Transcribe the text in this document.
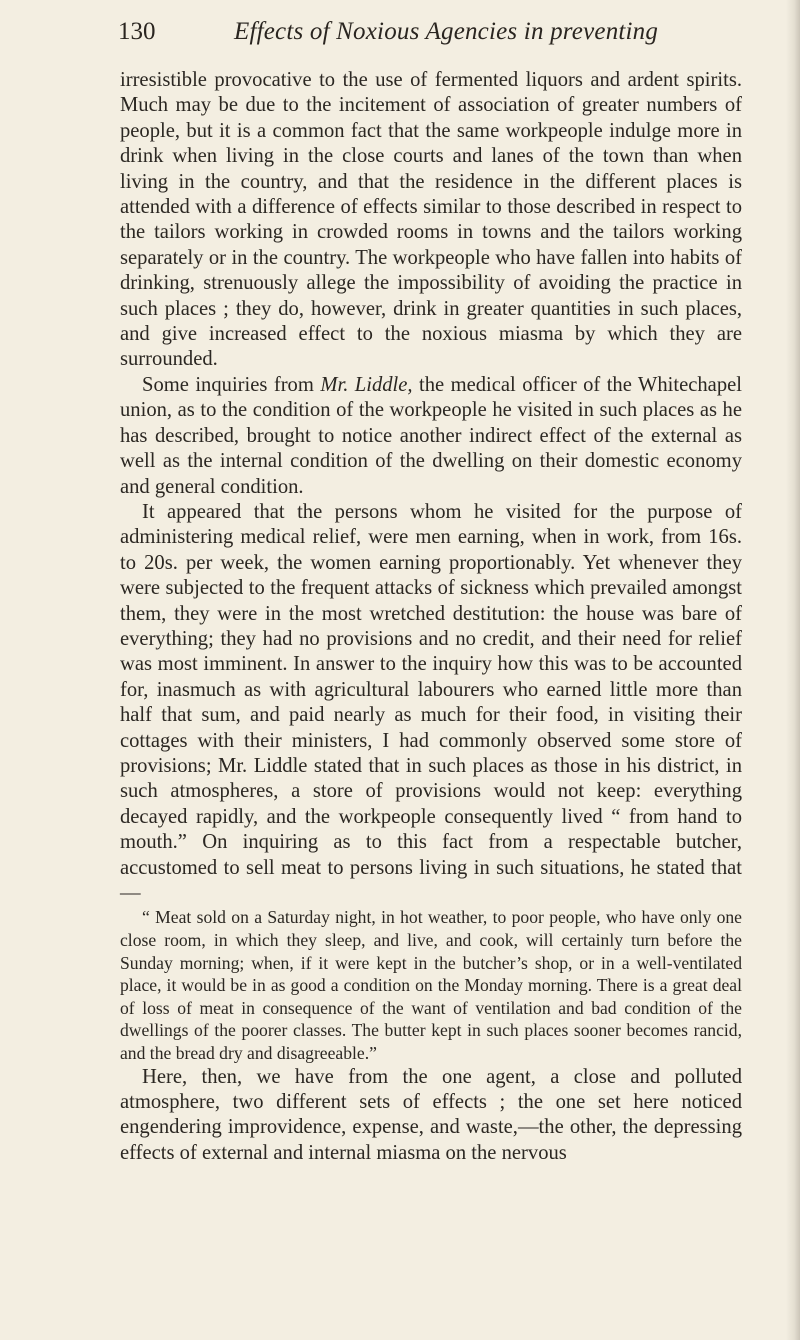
130	Effects of Noxious Agencies in preventing

irresistible provocative to the use of fermented liquors and ardent spirits. Much may be due to the incitement of association of greater numbers of people, but it is a common fact that the same workpeople indulge more in drink when living in the close courts and lanes of the town than when living in the country, and that the residence in the different places is attended with a difference of effects similar to those described in respect to the tailors working in crowded rooms in towns and the tailors working separately or in the country. The workpeople who have fallen into habits of drinking, strenuously allege the impossibility of avoiding the practice in such places ; they do, however, drink in greater quantities in such places, and give increased effect to the noxious miasma by which they are surrounded.

Some inquiries from Mr. Liddle, the medical officer of the Whitechapel union, as to the condition of the workpeople he visited in such places as he has described, brought to notice another indirect effect of the external as well as the internal condition of the dwelling on their domestic economy and general condition.

It appeared that the persons whom he visited for the purpose of administering medical relief, were men earning, when in work, from 16s. to 20s. per week, the women earning proportionably. Yet whenever they were subjected to the frequent attacks of sickness which prevailed amongst them, they were in the most wretched destitution: the house was bare of everything; they had no provisions and no credit, and their need for relief was most imminent. In answer to the inquiry how this was to be accounted for, inasmuch as with agricultural labourers who earned little more than half that sum, and paid nearly as much for their food, in visiting their cottages with their ministers, I had commonly observed some store of provisions; Mr. Liddle stated that in such places as those in his district, in such atmospheres, a store of provisions would not keep: everything decayed rapidly, and the workpeople consequently lived “ from hand to mouth.” On inquiring as to this fact from a respectable butcher, accustomed to sell meat to persons living in such situations, he stated that—

“ Meat sold on a Saturday night, in hot weather, to poor people, who have only one close room, in which they sleep, and live, and cook, will certainly turn before the Sunday morning; when, if it were kept in the butcher’s shop, or in a well-ventilated place, it would be in as good a condition on the Monday morning. There is a great deal of loss of meat in consequence of the want of ventilation and bad condition of the dwellings of the poorer classes. The butter kept in such places sooner becomes rancid, and the bread dry and disagreeable.”

Here, then, we have from the one agent, a close and polluted atmosphere, two different sets of effects ; the one set here noticed engendering improvidence, expense, and waste,—the other, the depressing effects of external and internal miasma on the nervous
